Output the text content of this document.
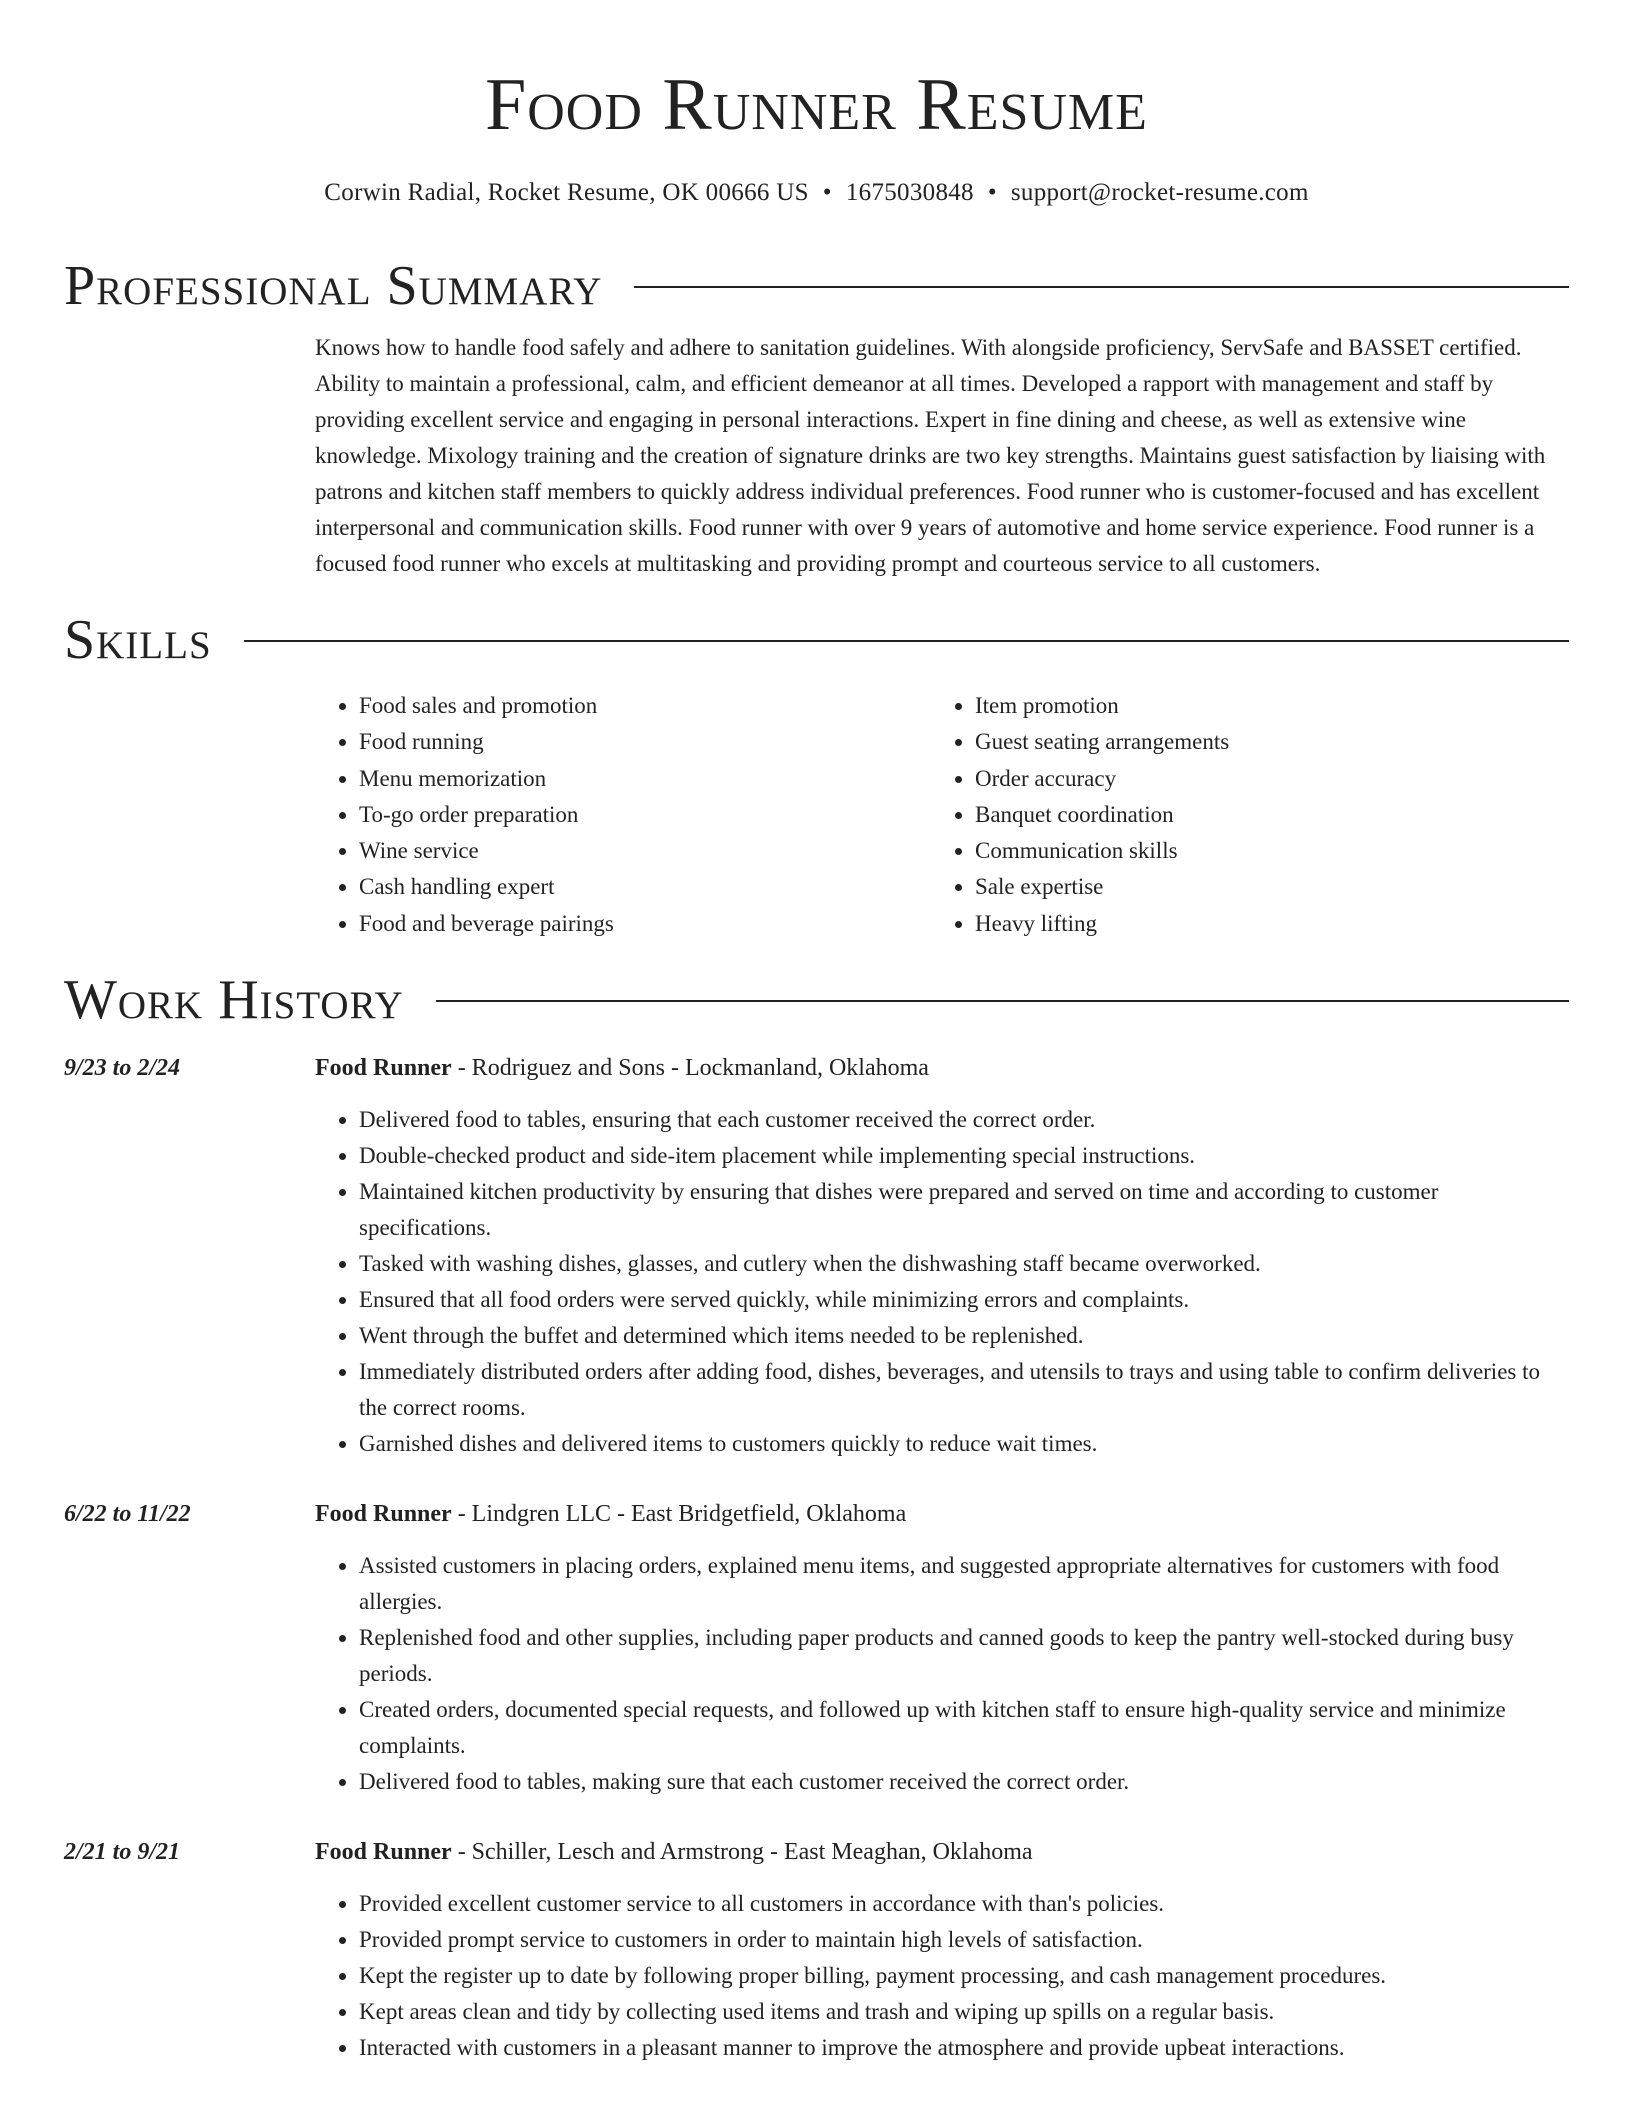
Food Runner Resume
Corwin Radial, Rocket Resume, OK 00666 US • 1675030848 • support@rocket-resume.com
Professional Summary
Knows how to handle food safely and adhere to sanitation guidelines. With alongside proficiency, ServSafe and BASSET certified. Ability to maintain a professional, calm, and efficient demeanor at all times. Developed a rapport with management and staff by providing excellent service and engaging in personal interactions. Expert in fine dining and cheese, as well as extensive wine knowledge. Mixology training and the creation of signature drinks are two key strengths. Maintains guest satisfaction by liaising with patrons and kitchen staff members to quickly address individual preferences. Food runner who is customer-focused and has excellent interpersonal and communication skills. Food runner with over 9 years of automotive and home service experience. Food runner is a focused food runner who excels at multitasking and providing prompt and courteous service to all customers.
Skills
• Food sales and promotion
• Food running
• Menu memorization
• To-go order preparation
• Wine service
• Cash handling expert
• Food and beverage pairings
• Item promotion
• Guest seating arrangements
• Order accuracy
• Banquet coordination
• Communication skills
• Sale expertise
• Heavy lifting
Work History
9/23 to 2/24	Food Runner - Rodriguez and Sons - Lockmanland, Oklahoma
• Delivered food to tables, ensuring that each customer received the correct order.
• Double-checked product and side-item placement while implementing special instructions.
• Maintained kitchen productivity by ensuring that dishes were prepared and served on time and according to customer specifications.
• Tasked with washing dishes, glasses, and cutlery when the dishwashing staff became overworked.
• Ensured that all food orders were served quickly, while minimizing errors and complaints.
• Went through the buffet and determined which items needed to be replenished.
• Immediately distributed orders after adding food, dishes, beverages, and utensils to trays and using table to confirm deliveries to the correct rooms.
• Garnished dishes and delivered items to customers quickly to reduce wait times.
6/22 to 11/22	Food Runner - Lindgren LLC - East Bridgetfield, Oklahoma
• Assisted customers in placing orders, explained menu items, and suggested appropriate alternatives for customers with food allergies.
• Replenished food and other supplies, including paper products and canned goods to keep the pantry well-stocked during busy periods.
• Created orders, documented special requests, and followed up with kitchen staff to ensure high-quality service and minimize complaints.
• Delivered food to tables, making sure that each customer received the correct order.
2/21 to 9/21	Food Runner - Schiller, Lesch and Armstrong - East Meaghan, Oklahoma
• Provided excellent customer service to all customers in accordance with than's policies.
• Provided prompt service to customers in order to maintain high levels of satisfaction.
• Kept the register up to date by following proper billing, payment processing, and cash management procedures.
• Kept areas clean and tidy by collecting used items and trash and wiping up spills on a regular basis.
• Interacted with customers in a pleasant manner to improve the atmosphere and provide upbeat interactions.
